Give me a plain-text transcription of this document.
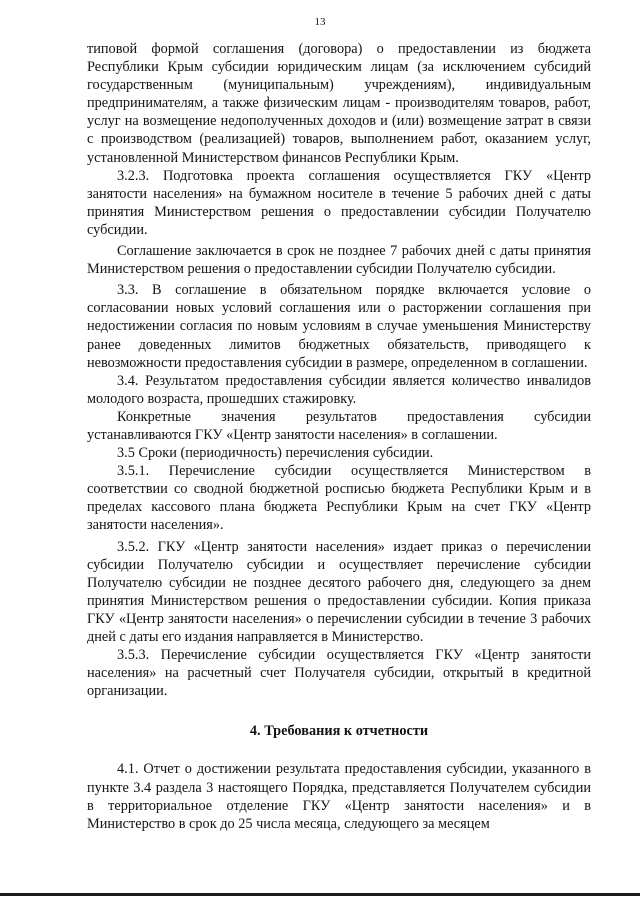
13

типовой формой соглашения (договора) о предоставлении из бюджета Республики Крым субсидии юридическим лицам (за исключением субсидий государственным (муниципальным) учреждениям), индивидуальным предпринимателям, а также физическим лицам - производителям товаров, работ, услуг на возмещение недополученных доходов и (или) возмещение затрат в связи с производством (реализацией) товаров, выполнением работ, оказанием услуг, установленной Министерством финансов Республики Крым.

3.2.3. Подготовка проекта соглашения осуществляется ГКУ «Центр занятости населения» на бумажном носителе в течение 5 рабочих дней с даты принятия Министерством решения о предоставлении субсидии Получателю субсидии.

Соглашение заключается в срок не позднее 7 рабочих дней с даты принятия Министерством решения о предоставлении субсидии Получателю субсидии.

3.3. В соглашение в обязательном порядке включается условие о согласовании новых условий соглашения или о расторжении соглашения при недостижении согласия по новым условиям в случае уменьшения Министерству ранее доведенных лимитов бюджетных обязательств, приводящего к невозможности предоставления субсидии в размере, определенном в соглашении.

3.4. Результатом предоставления субсидии является количество инвалидов молодого возраста, прошедших стажировку.

Конкретные значения результатов предоставления субсидии устанавливаются ГКУ «Центр занятости населения» в соглашении.

3.5 Сроки (периодичность) перечисления субсидии.

3.5.1. Перечисление субсидии осуществляется Министерством в соответствии со сводной бюджетной росписью бюджета Республики Крым и в пределах кассового плана бюджета Республики Крым на счет ГКУ «Центр занятости населения».

3.5.2. ГКУ «Центр занятости населения» издает приказ о перечислении субсидии Получателю субсидии и осуществляет перечисление субсидии Получателю субсидии не позднее десятого рабочего дня, следующего за днем принятия Министерством решения о предоставлении субсидии. Копия приказа ГКУ «Центр занятости населения» о перечислении субсидии в течение 3 рабочих дней с даты его издания направляется в Министерство.

3.5.3. Перечисление субсидии осуществляется ГКУ «Центр занятости населения» на расчетный счет Получателя субсидии, открытый в кредитной организации.

4. Требования к отчетности

4.1. Отчет о достижении результата предоставления субсидии, указанного в пункте 3.4 раздела 3 настоящего Порядка, представляется Получателем субсидии в территориальное отделение ГКУ «Центр занятости населения» и в Министерство в срок до 25 числа месяца, следующего за месяцем
